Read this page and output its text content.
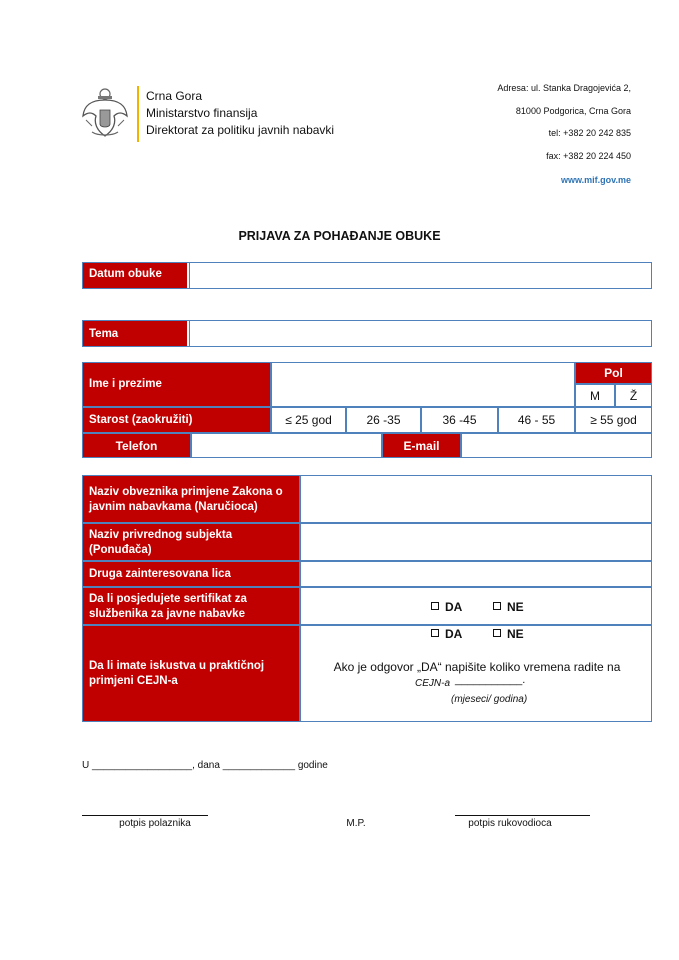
Crna Gora
Ministarstvo finansija
Direktorat za politiku javnih nabavki
Adresa: ul. Stanka Dragojevića 2,
81000 Podgorica, Crna Gora
tel: +382 20 242 835
fax: +382 20 224 450
www.mif.gov.me
PRIJAVA ZA POHAĐANJE OBUKE
Datum obuke
Tema
Ime i prezime
Pol
M	Ž
Starost (zaokružiti)	≤ 25 god	26 -35	36 -45	46 - 55	≥ 55 god
Telefon	E-mail
Naziv obveznika primjene Zakona o javnim nabavkama (Naručioca)
Naziv privrednog subjekta (Ponuđača)
Druga zainteresovana lica
Da li posjedujete sertifikat za službenika za javne nabavke	DA	NE
Da li imate iskustva u praktičnoj primjeni CEJN-a
DA	NE
Ako je odgovor „DA“ napišite koliko vremena radite na
CEJN-a ___________.
(mjeseci/ godina)
U __________________, dana _____________ godine
potpis polaznika	M.P.	potpis rukovodioca
